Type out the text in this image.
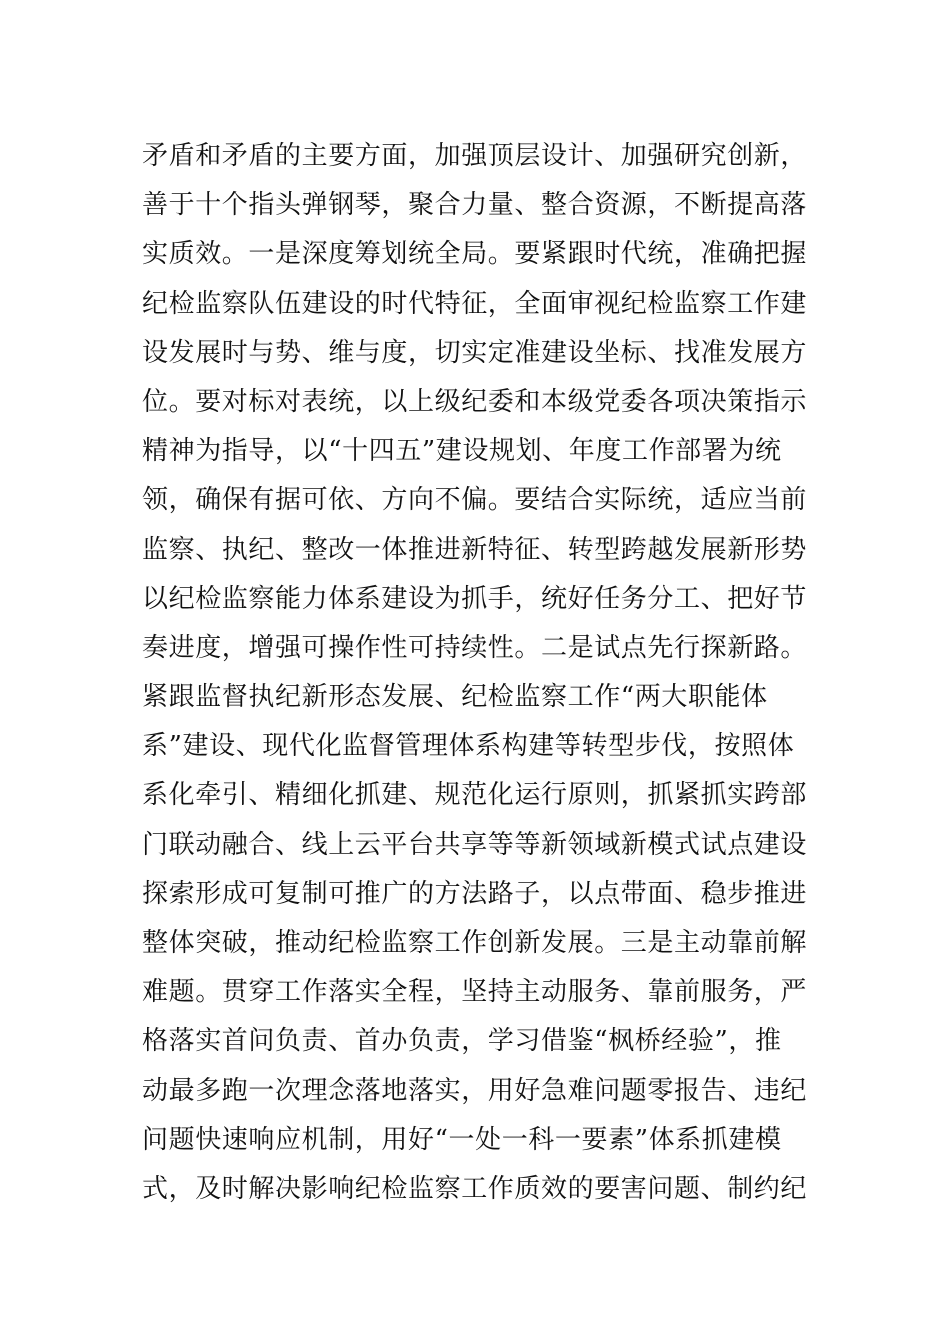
矛盾和矛盾的主要方面，加强顶层设计、加强研究创新，
善于十个指头弹钢琴，聚合力量、整合资源，不断提高落
实质效。一是深度筹划统全局。要紧跟时代统，准确把握
纪检监察队伍建设的时代特征，全面审视纪检监察工作建
设发展时与势、维与度，切实定准建设坐标、找准发展方
位。要对标对表统，以上级纪委和本级党委各项决策指示
精神为指导，以“十四五”建设规划、年度工作部署为统
领，确保有据可依、方向不偏。要结合实际统，适应当前
监察、执纪、整改一体推进新特征、转型跨越发展新形势
以纪检监察能力体系建设为抓手，统好任务分工、把好节
奏进度，增强可操作性可持续性。二是试点先行探新路。
紧跟监督执纪新形态发展、纪检监察工作“两大职能体
系”建设、现代化监督管理体系构建等转型步伐，按照体
系化牵引、精细化抓建、规范化运行原则，抓紧抓实跨部
门联动融合、线上云平台共享等等新领域新模式试点建设
探索形成可复制可推广的方法路子，以点带面、稳步推进
整体突破，推动纪检监察工作创新发展。三是主动靠前解
难题。贯穿工作落实全程，坚持主动服务、靠前服务，严
格落实首问负责、首办负责，学习借鉴“枫桥经验”，推
动最多跑一次理念落地落实，用好急难问题零报告、违纪
问题快速响应机制，用好“一处一科一要素”体系抓建模
式，及时解决影响纪检监察工作质效的要害问题、制约纪
